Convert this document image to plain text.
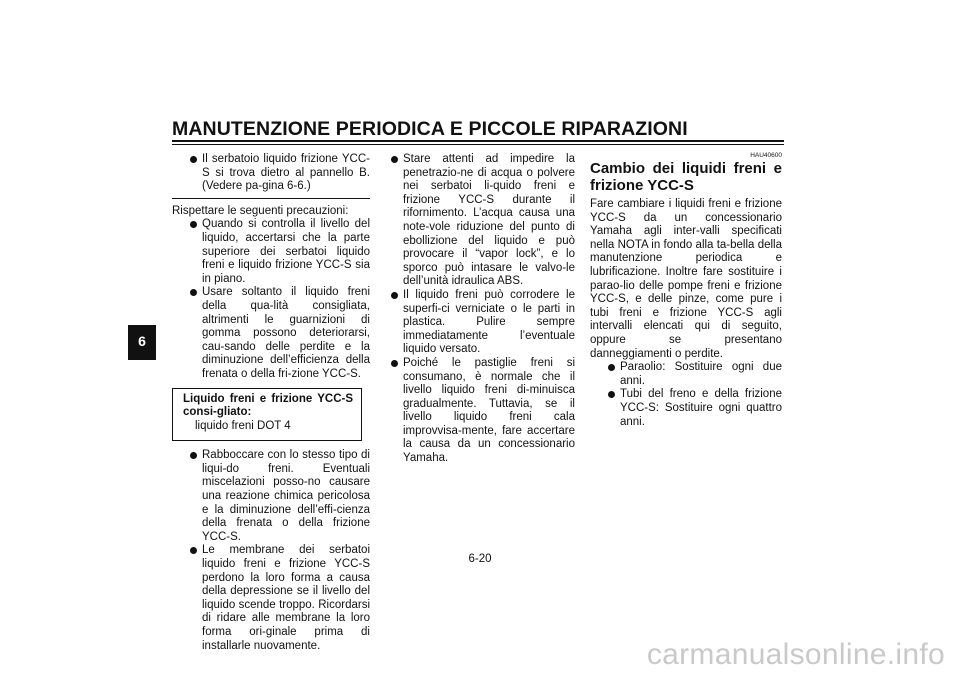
MANUTENZIONE PERIODICA E PICCOLE RIPARAZIONI
6

Il serbatoio liquido frizione YCC-S si trova dietro al pannello B. (Vedere pa-gina 6-6.)

Rispettare le seguenti precauzioni:

Quando si controlla il livello del liquido, accertarsi che la parte superiore dei serbatoi liquido freni e liquido frizione YCC-S sia in piano.

Usare soltanto il liquido freni della qua-lità consigliata, altrimenti le guarnizioni di gomma possono deteriorarsi, cau-sando delle perdite e la diminuzione dell’efficienza della frenata o della fri-zione YCC-S.

Liquido freni e frizione YCC-S consi-gliato:
liquido freni DOT 4

Rabboccare con lo stesso tipo di liqui-do freni. Eventuali miscelazioni posso-no causare una reazione chimica pericolosa e la diminuzione dell’effi-cienza della frenata o della frizione YCC-S.

Le membrane dei serbatoi liquido freni e frizione YCC-S perdono la loro forma a causa della depressione se il livello del liquido scende troppo. Ricordarsi di ridare alle membrane la loro forma ori-ginale prima di installarle nuovamente.

Stare attenti ad impedire la penetrazio-ne di acqua o polvere nei serbatoi li-quido freni e frizione YCC-S durante il rifornimento. L’acqua causa una note-vole riduzione del punto di ebollizione del liquido e può provocare il “vapor lock”, e lo sporco può intasare le valvo-le dell’unità idraulica ABS.

Il liquido freni può corrodere le superfi-ci verniciate o le parti in plastica. Pulire sempre immediatamente l’eventuale liquido versato.

Poiché le pastiglie freni si consumano, è normale che il livello liquido freni di-minuisca gradualmente. Tuttavia, se il livello liquido freni cala improvvisa-mente, fare accertare la causa da un concessionario Yamaha.

HAU40600
Cambio dei liquidi freni e frizione YCC-S

Fare cambiare i liquidi freni e frizione YCC-S da un concessionario Yamaha agli inter-valli specificati nella NOTA in fondo alla ta-bella della manutenzione periodica e lubrificazione. Inoltre fare sostituire i parao-lio delle pompe freni e frizione YCC-S, e delle pinze, come pure i tubi freni e frizione YCC-S agli intervalli elencati qui di seguito, oppure se presentano danneggiamenti o perdite.

Paraolio: Sostituire ogni due anni.

Tubi del freno e della frizione YCC-S: Sostituire ogni quattro anni.

6-20
carmanualsonline.info
